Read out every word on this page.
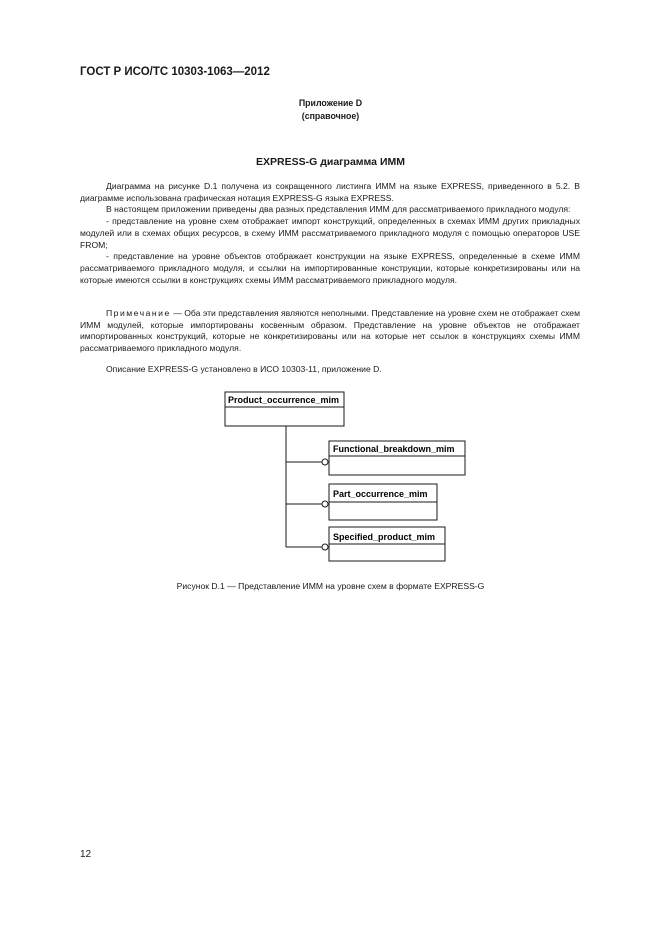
ГОСТ Р ИСО/ТС 10303-1063—2012
Приложение D
(справочное)
EXPRESS-G диаграмма ИММ

Диаграмма на рисунке D.1 получена из сокращенного листинга ИММ на языке EXPRESS, приведенного в 5.2. В диаграмме использована графическая нотация EXPRESS-G языка EXPRESS.

В настоящем приложении приведены два разных представления ИММ для рассматриваемого прикладного модуля:

- представление на уровне схем отображает импорт конструкций, определенных в схемах ИММ других прикладных модулей или в схемах общих ресурсов, в схему ИММ рассматриваемого прикладного модуля с помощью операторов USE FROM;

- представление на уровне объектов отображает конструкции на языке EXPRESS, определенные в схеме ИММ рассматриваемого прикладного модуля, и ссылки на импортированные конструкции, которые конкретизированы или на которые имеются ссылки в конструкциях схемы ИММ рассматриваемого прикладного модуля.

Примечание — Оба эти представления являются неполными. Представление на уровне схем не отображает схем ИММ модулей, которые импортированы косвенным образом. Представление на уровне объектов не отображает импортированных конструкций, которые не конкретизированы или на которые нет ссылок в конструкциях схемы ИММ рассматриваемого прикладного модуля.

Описание EXPRESS-G установлено в ИСО 10303-11, приложение D.

Product_occurrence_mim
Functional_breakdown_mim
Part_occurrence_mim
Specified_product_mim
Рисунок D.1 — Представление ИММ на уровне схем в формате EXPRESS-G
12
